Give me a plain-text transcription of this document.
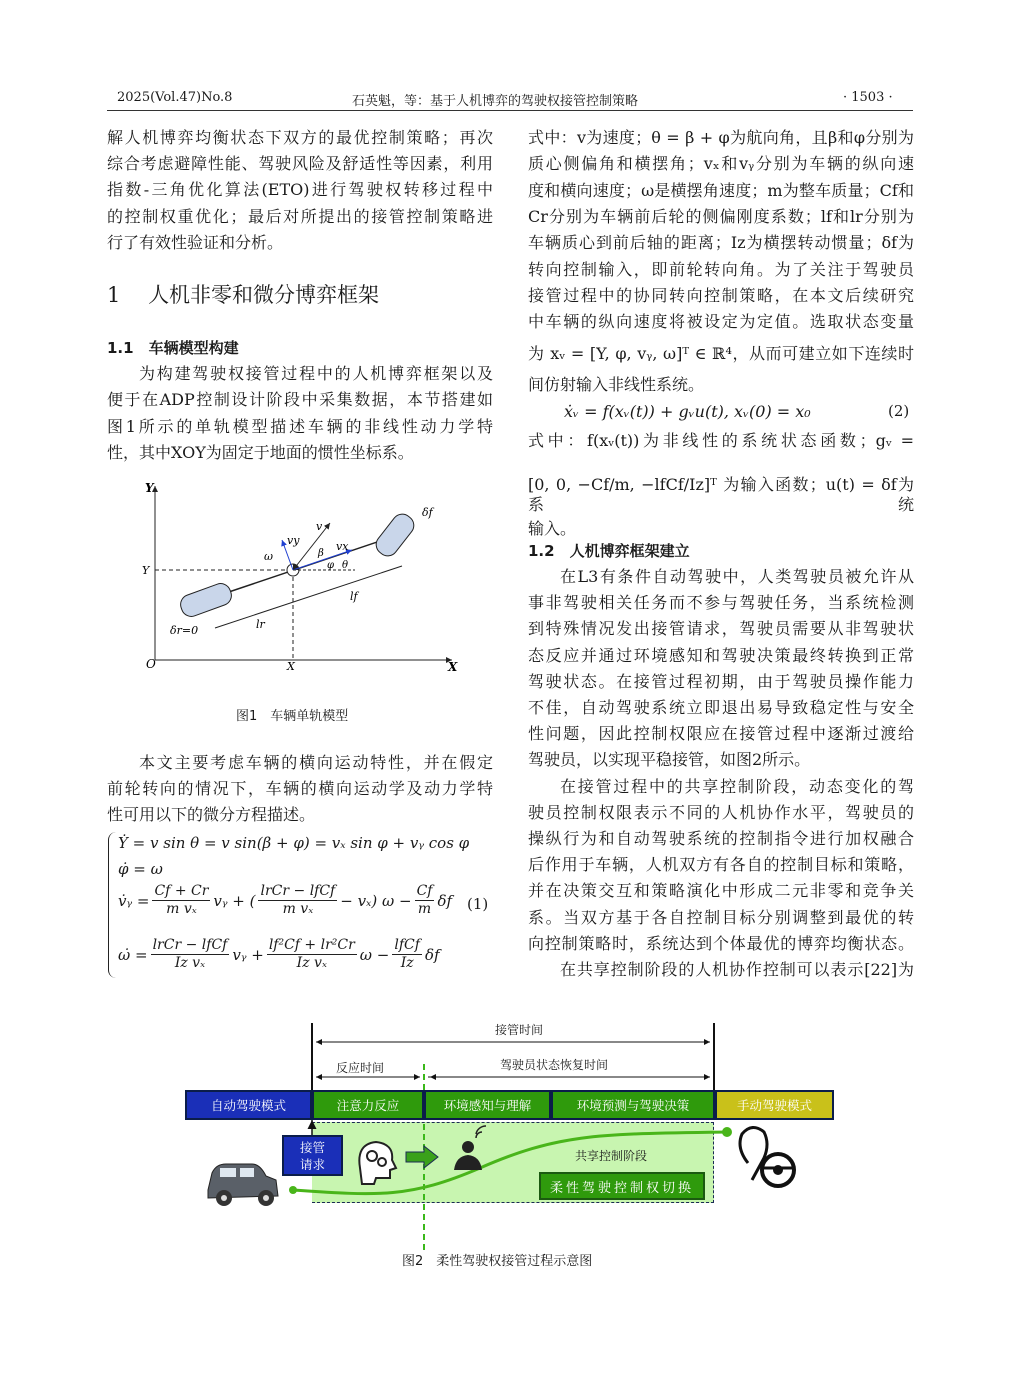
2025(Vol.47)No.8	石英魁，等：基于人机博弈的驾驶权接管控制策略	· 1503 ·
解人机博弈均衡状态下双方的最优控制策略；再次
综合考虑避障性能、驾驶风险及舒适性等因素，利用
指数-三角优化算法(ETO)进行驾驶权转移过程中
的控制权重优化；最后对所提出的接管控制策略进
行了有效性验证和分析。
1　 人机非零和微分博弈框架
1.1　 车辆模型构建
为构建驾驶权接管过程中的人机博弈框架以及
便于在ADP控制设计阶段中采集数据，本节搭建如
图1所示的单轨模型描述车辆的非线性动力学特
性，其中XOY为固定于地面的惯性坐标系。
Y
O	X
Y
X
δr=0	lr
lf
δf
v
vx
vy
ω	β
φ θ
图1　车辆单轨模型
本文主要考虑车辆的横向运动特性，并在假定
前轮转向的情况下，车辆的横向运动学及动力学特
性可用以下的微分方程描述。
Ẏ = v sin θ = v sin(β + φ) = vₓ sin φ + vᵧ cos φ
φ̇ = ω
v̇ᵧ = $\frac{Cf + Cr}{\text{m vₓ}}$ vᵧ + (
lrCr − lfCf
m vₓ − vₓ) $\omega - \frac{Cf}{m}$ δf
ω̇ =
lrCr − lfCf
Iz vₓ vᵧ + $\frac{\text{lf²Cf + lr²Cr}}{\text{Iz vₓ}}$ ω −
lfCf
Iz δf
(1)
式中：v为速度；θ = β + φ为航向角，且β和φ分别为
质心侧偏角和横摆角；vₓ和vᵧ分别为车辆的纵向速
度和横向速度；ω是横摆角速度；m为整车质量；Cf和
Cr分别为车辆前后轮的侧偏刚度系数；lf和lr分别为
车辆质心到前后轴的距离；Iz为横摆转动惯量；δf为
转向控制输入，即前轮转向角。为了关注于驾驶员
接管过程中的协同转向控制策略，在本文后续研究
中车辆的纵向速度将被设定为定值。选取状态变量
为 xᵥ = [Y, φ, vᵧ, ω]ᵀ ∈ ℝ⁴，从而可建立如下连续时
间仿射输入非线性系统。
ẋᵥ = f(xᵥ(t)) + gᵥu(t), xᵥ(0) = x₀	(2)
式中：f(xᵥ(t))为非线性的系统状态函数；gᵥ =
[0, 0, −Cf/m, −lfCf/Iz]ᵀ 为输入函数；u(t) = δf为系统
输入。
1.2　 人机博弈框架建立
在L3有条件自动驾驶中，人类驾驶员被允许从
事非驾驶相关任务而不参与驾驶任务，当系统检测
到特殊情况发出接管请求，驾驶员需要从非驾驶状
态反应并通过环境感知和驾驶决策最终转换到正常
驾驶状态。在接管过程初期，由于驾驶员操作能力
不佳，自动驾驶系统立即退出易导致稳定性与安全
性问题，因此控制权限应在接管过程中逐渐过渡给
驾驶员，以实现平稳接管，如图2所示。
在接管过程中的共享控制阶段，动态变化的驾
驶员控制权限表示不同的人机协作水平，驾驶员的
操纵行为和自动驾驶系统的控制指令进行加权融合
后作用于车辆，人机双方有各自的控制目标和策略，
并在决策交互和策略演化中形成二元非零和竞争关
系。当双方基于各自控制目标分别调整到最优的转
向控制策略时，系统达到个体最优的博弈均衡状态。
在共享控制阶段的人机协作控制可以表示[22]为
接管时间
反应时间	驾驶员状态恢复时间
自动驾驶模式	注意力反应	环境感知与理解	环境预测与驾驶决策	手动驾驶模式
接管
请求
共享控制阶段
柔性驾驶控制权切换
图2　柔性驾驶权接管过程示意图
